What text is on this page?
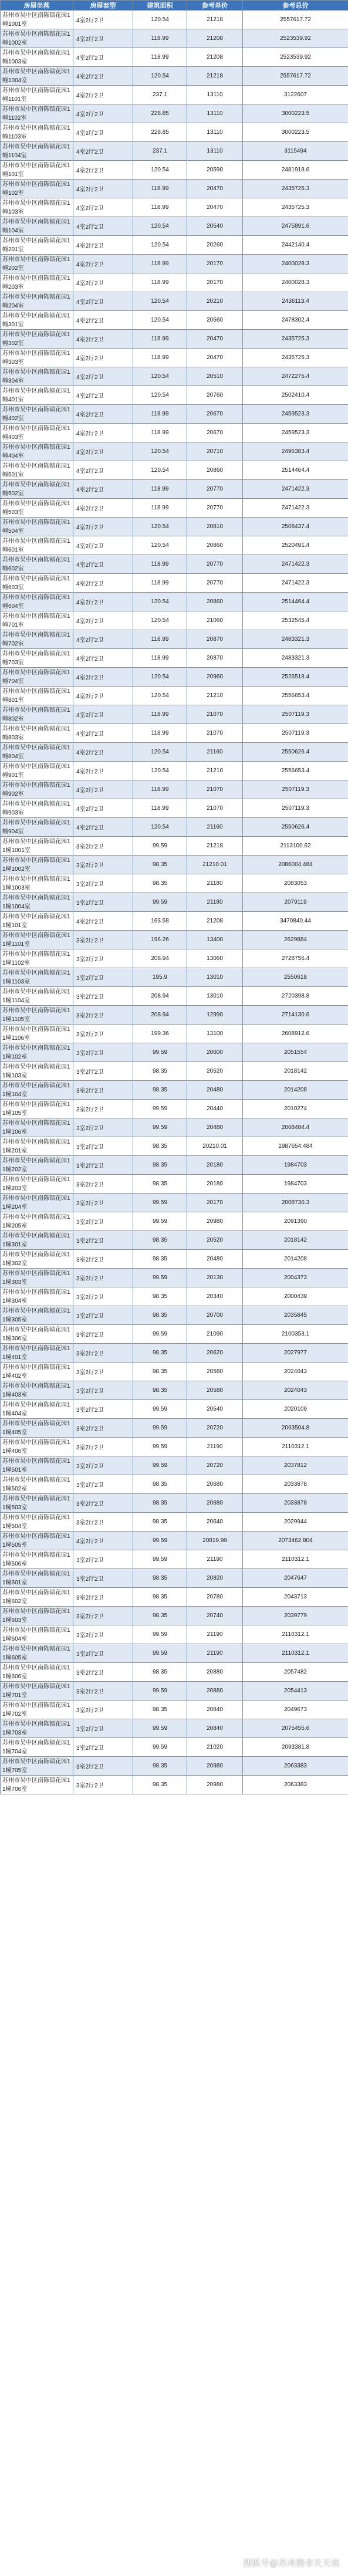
房屋坐落	房屋套型	建筑面积	参考单价	参考总价
苏州市吴中区南陈镇花园1幢1001室	4室2厅2卫	120.54	21218	2557617.72
苏州市吴中区南陈镇花园1幢1002室	4室2厅2卫	118.99	21208	2523539.92
苏州市吴中区南陈镇花园1幢1003室	4室2厅2卫	118.99	21208	2523539.92
苏州市吴中区南陈镇花园1幢1004室	4室2厅2卫	120.54	21218	2557617.72
苏州市吴中区南陈镇花园1幢1101室	4室2厅2卫	237.1	13110	3122607
苏州市吴中区南陈镇花园1幢1102室	4室2厅2卫	228.85	13110	3000223.5
苏州市吴中区南陈镇花园1幢1103室	4室2厅2卫	228.85	13110	3000223.5
苏州市吴中区南陈镇花园1幢1104室	4室2厅2卫	237.1	13110	3115494
苏州市吴中区南陈镇花园1幢101室	4室2厅2卫	120.54	20590	2481918.6
苏州市吴中区南陈镇花园1幢102室	4室2厅2卫	118.99	20470	2435725.3
苏州市吴中区南陈镇花园1幢103室	4室2厅2卫	118.99	20470	2435725.3
苏州市吴中区南陈镇花园1幢104室	4室2厅2卫	120.54	20540	2475891.6
苏州市吴中区南陈镇花园1幢201室	4室2厅2卫	120.54	20260	2442140.4
苏州市吴中区南陈镇花园1幢202室	4室2厅2卫	118.99	20170	2400028.3
苏州市吴中区南陈镇花园1幢203室	4室2厅2卫	118.99	20170	2400028.3
苏州市吴中区南陈镇花园1幢204室	4室2厅2卫	120.54	20210	2436113.4
苏州市吴中区南陈镇花园1幢301室	4室2厅2卫	120.54	20560	2478302.4
苏州市吴中区南陈镇花园1幢302室	4室2厅2卫	118.99	20470	2435725.3
苏州市吴中区南陈镇花园1幢303室	4室2厅2卫	118.99	20470	2435725.3
苏州市吴中区南陈镇花园1幢304室	4室2厅2卫	120.54	20510	2472275.4
苏州市吴中区南陈镇花园1幢401室	4室2厅2卫	120.54	20760	2502410.4
苏州市吴中区南陈镇花园1幢402室	4室2厅2卫	118.99	20670	2459523.3
苏州市吴中区南陈镇花园1幢403室	4室2厅2卫	118.99	20670	2459523.3
苏州市吴中区南陈镇花园1幢404室	4室2厅2卫	120.54	20710	2496383.4
苏州市吴中区南陈镇花园1幢501室	4室2厅2卫	120.54	20860	2514464.4
苏州市吴中区南陈镇花园1幢502室	4室2厅2卫	118.99	20770	2471422.3
苏州市吴中区南陈镇花园1幢503室	4室2厅2卫	118.99	20770	2471422.3
苏州市吴中区南陈镇花园1幢504室	4室2厅2卫	120.54	20810	2508437.4
苏州市吴中区南陈镇花园1幢601室	4室2厅2卫	120.54	20860	2520491.4
苏州市吴中区南陈镇花园1幢602室	4室2厅2卫	118.99	20770	2471422.3
苏州市吴中区南陈镇花园1幢603室	4室2厅2卫	118.99	20770	2471422.3
苏州市吴中区南陈镇花园1幢604室	4室2厅2卫	120.54	20860	2514464.4
苏州市吴中区南陈镇花园1幢701室	4室2厅2卫	120.54	21060	2532545.4
苏州市吴中区南陈镇花园1幢702室	4室2厅2卫	118.99	20870	2483321.3
苏州市吴中区南陈镇花园1幢703室	4室2厅2卫	118.99	20870	2483321.3
苏州市吴中区南陈镇花园1幢704室	4室2厅2卫	120.54	20960	2526518.4
苏州市吴中区南陈镇花园1幢801室	4室2厅2卫	120.54	21210	2556653.4
苏州市吴中区南陈镇花园1幢802室	4室2厅2卫	118.99	21070	2507119.3
苏州市吴中区南陈镇花园1幢803室	4室2厅2卫	118.99	21070	2507119.3
苏州市吴中区南陈镇花园1幢804室	4室2厅2卫	120.54	21160	2550626.4
苏州市吴中区南陈镇花园1幢901室	4室2厅2卫	120.54	21210	2556653.4
苏州市吴中区南陈镇花园1幢902室	4室2厅2卫	118.99	21070	2507119.3
苏州市吴中区南陈镇花园1幢903室	4室2厅2卫	118.99	21070	2507119.3
苏州市吴中区南陈镇花园1幢904室	4室2厅2卫	120.54	21160	2550626.4
苏州市吴中区南陈镇花园11幢1001室	3室2厅2卫	99.59	21218	2113100.62
苏州市吴中区南陈镇花园11幢1002室	3室2厅2卫	98.35	21210.01	2086004.484
苏州市吴中区南陈镇花园11幢1003室	3室2厅2卫	98.35	21180	2083053
苏州市吴中区南陈镇花园11幢1004室	3室2厅2卫	99.59	21180	2079119
苏州市吴中区南陈镇花园11幢101室	4室2厅2卫	163.58	21208	3470840.44
苏州市吴中区南陈镇花园11幢1101室	3室2厅2卫	196.26	13400	2629884
苏州市吴中区南陈镇花园11幢1102室	3室2厅2卫	208.94	13060	2728756.4
苏州市吴中区南陈镇花园11幢1103室	3室2厅2卫	195.9	13010	2550618
苏州市吴中区南陈镇花园11幢1104室	3室2厅2卫	208.94	13010	2720398.8
苏州市吴中区南陈镇花园11幢1105室	3室2厅2卫	208.94	12990	2714130.6
苏州市吴中区南陈镇花园11幢1106室	3室2厅2卫	199.36	13100	2608912.6
苏州市吴中区南陈镇花园11幢102室	3室2厅2卫	99.59	20600	2051554
苏州市吴中区南陈镇花园11幢103室	3室2厅2卫	98.35	20520	2018142
苏州市吴中区南陈镇花园11幢104室	3室2厅2卫	98.35	20480	2014208
苏州市吴中区南陈镇花园11幢105室	3室2厅2卫	99.59	20440	2010274
苏州市吴中区南陈镇花园11幢106室	3室2厅2卫	99.59	20480	2068484.4
苏州市吴中区南陈镇花园11幢201室	3室2厅2卫	98.35	20210.01	1987654.484
苏州市吴中区南陈镇花园11幢202室	3室2厅2卫	98.35	20180	1984703
苏州市吴中区南陈镇花园11幢203室	3室2厅2卫	98.35	20180	1984703
苏州市吴中区南陈镇花园11幢204室	3室2厅2卫	99.59	20170	2008730.3
苏州市吴中区南陈镇花园11幢205室	3室2厅2卫	99.59	20980	2091390
苏州市吴中区南陈镇花园11幢301室	3室2厅2卫	98.35	20520	2018142
苏州市吴中区南陈镇花园11幢302室	3室2厅2卫	98.35	20480	2014208
苏州市吴中区南陈镇花园11幢303室	3室2厅2卫	99.59	20130	2004373
苏州市吴中区南陈镇花园11幢304室	3室2厅2卫	98.35	20340	2000439
苏州市吴中区南陈镇花园11幢305室	3室2厅2卫	98.35	20700	2035845
苏州市吴中区南陈镇花园11幢306室	3室2厅2卫	99.59	21090	2100353.1
苏州市吴中区南陈镇花园11幢401室	3室2厅2卫	98.35	20620	2027977
苏州市吴中区南陈镇花园11幢402室	3室2厅2卫	98.35	20580	2024043
苏州市吴中区南陈镇花园11幢403室	3室2厅2卫	98.35	20580	2024043
苏州市吴中区南陈镇花园11幢404室	3室2厅2卫	99.59	20540	2020109
苏州市吴中区南陈镇花园11幢405室	3室2厅2卫	99.59	20720	2063504.8
苏州市吴中区南陈镇花园11幢406室	3室2厅2卫	99.59	21190	2110312.1
苏州市吴中区南陈镇花园11幢501室	3室2厅2卫	99.59	20720	2037812
苏州市吴中区南陈镇花园11幢502室	3室2厅2卫	98.35	20680	2033878
苏州市吴中区南陈镇花园11幢503室	3室2厅2卫	98.35	20680	2033878
苏州市吴中区南陈镇花园11幢504室	3室2厅2卫	98.35	20640	2029944
苏州市吴中区南陈镇花园11幢505室	4室2厅2卫	99.59	20819.99	2073462.804
苏州市吴中区南陈镇花园11幢506室	3室2厅2卫	99.59	21190	2110312.1
苏州市吴中区南陈镇花园11幢601室	3室2厅2卫	98.35	20820	2047647
苏州市吴中区南陈镇花园11幢602室	3室2厅2卫	98.35	20780	2043713
苏州市吴中区南陈镇花园11幢603室	3室2厅2卫	98.35	20740	2039779
苏州市吴中区南陈镇花园11幢604室	3室2厅2卫	99.59	21190	2110312.1
苏州市吴中区南陈镇花园11幢605室	3室2厅2卫	99.59	21190	2110312.1
苏州市吴中区南陈镇花园11幢606室	3室2厅2卫	98.35	20880	2057482
苏州市吴中区南陈镇花园11幢701室	3室2厅2卫	99.59	20880	2054413
苏州市吴中区南陈镇花园11幢702室	3室2厅2卫	98.35	20840	2049673
苏州市吴中区南陈镇花园11幢703室	3室2厅2卫	99.59	20840	2075455.6
苏州市吴中区南陈镇花园11幢704室	3室2厅2卫	99.59	21020	2093381.8
苏州市吴中区南陈镇花园11幢705室	3室2厅2卫	98.35	20980	2063383
苏州市吴中区南陈镇花园11幢706室	3室2厅2卫	98.35	20980	2063383
搜狐号@苏州楼市天天谈
